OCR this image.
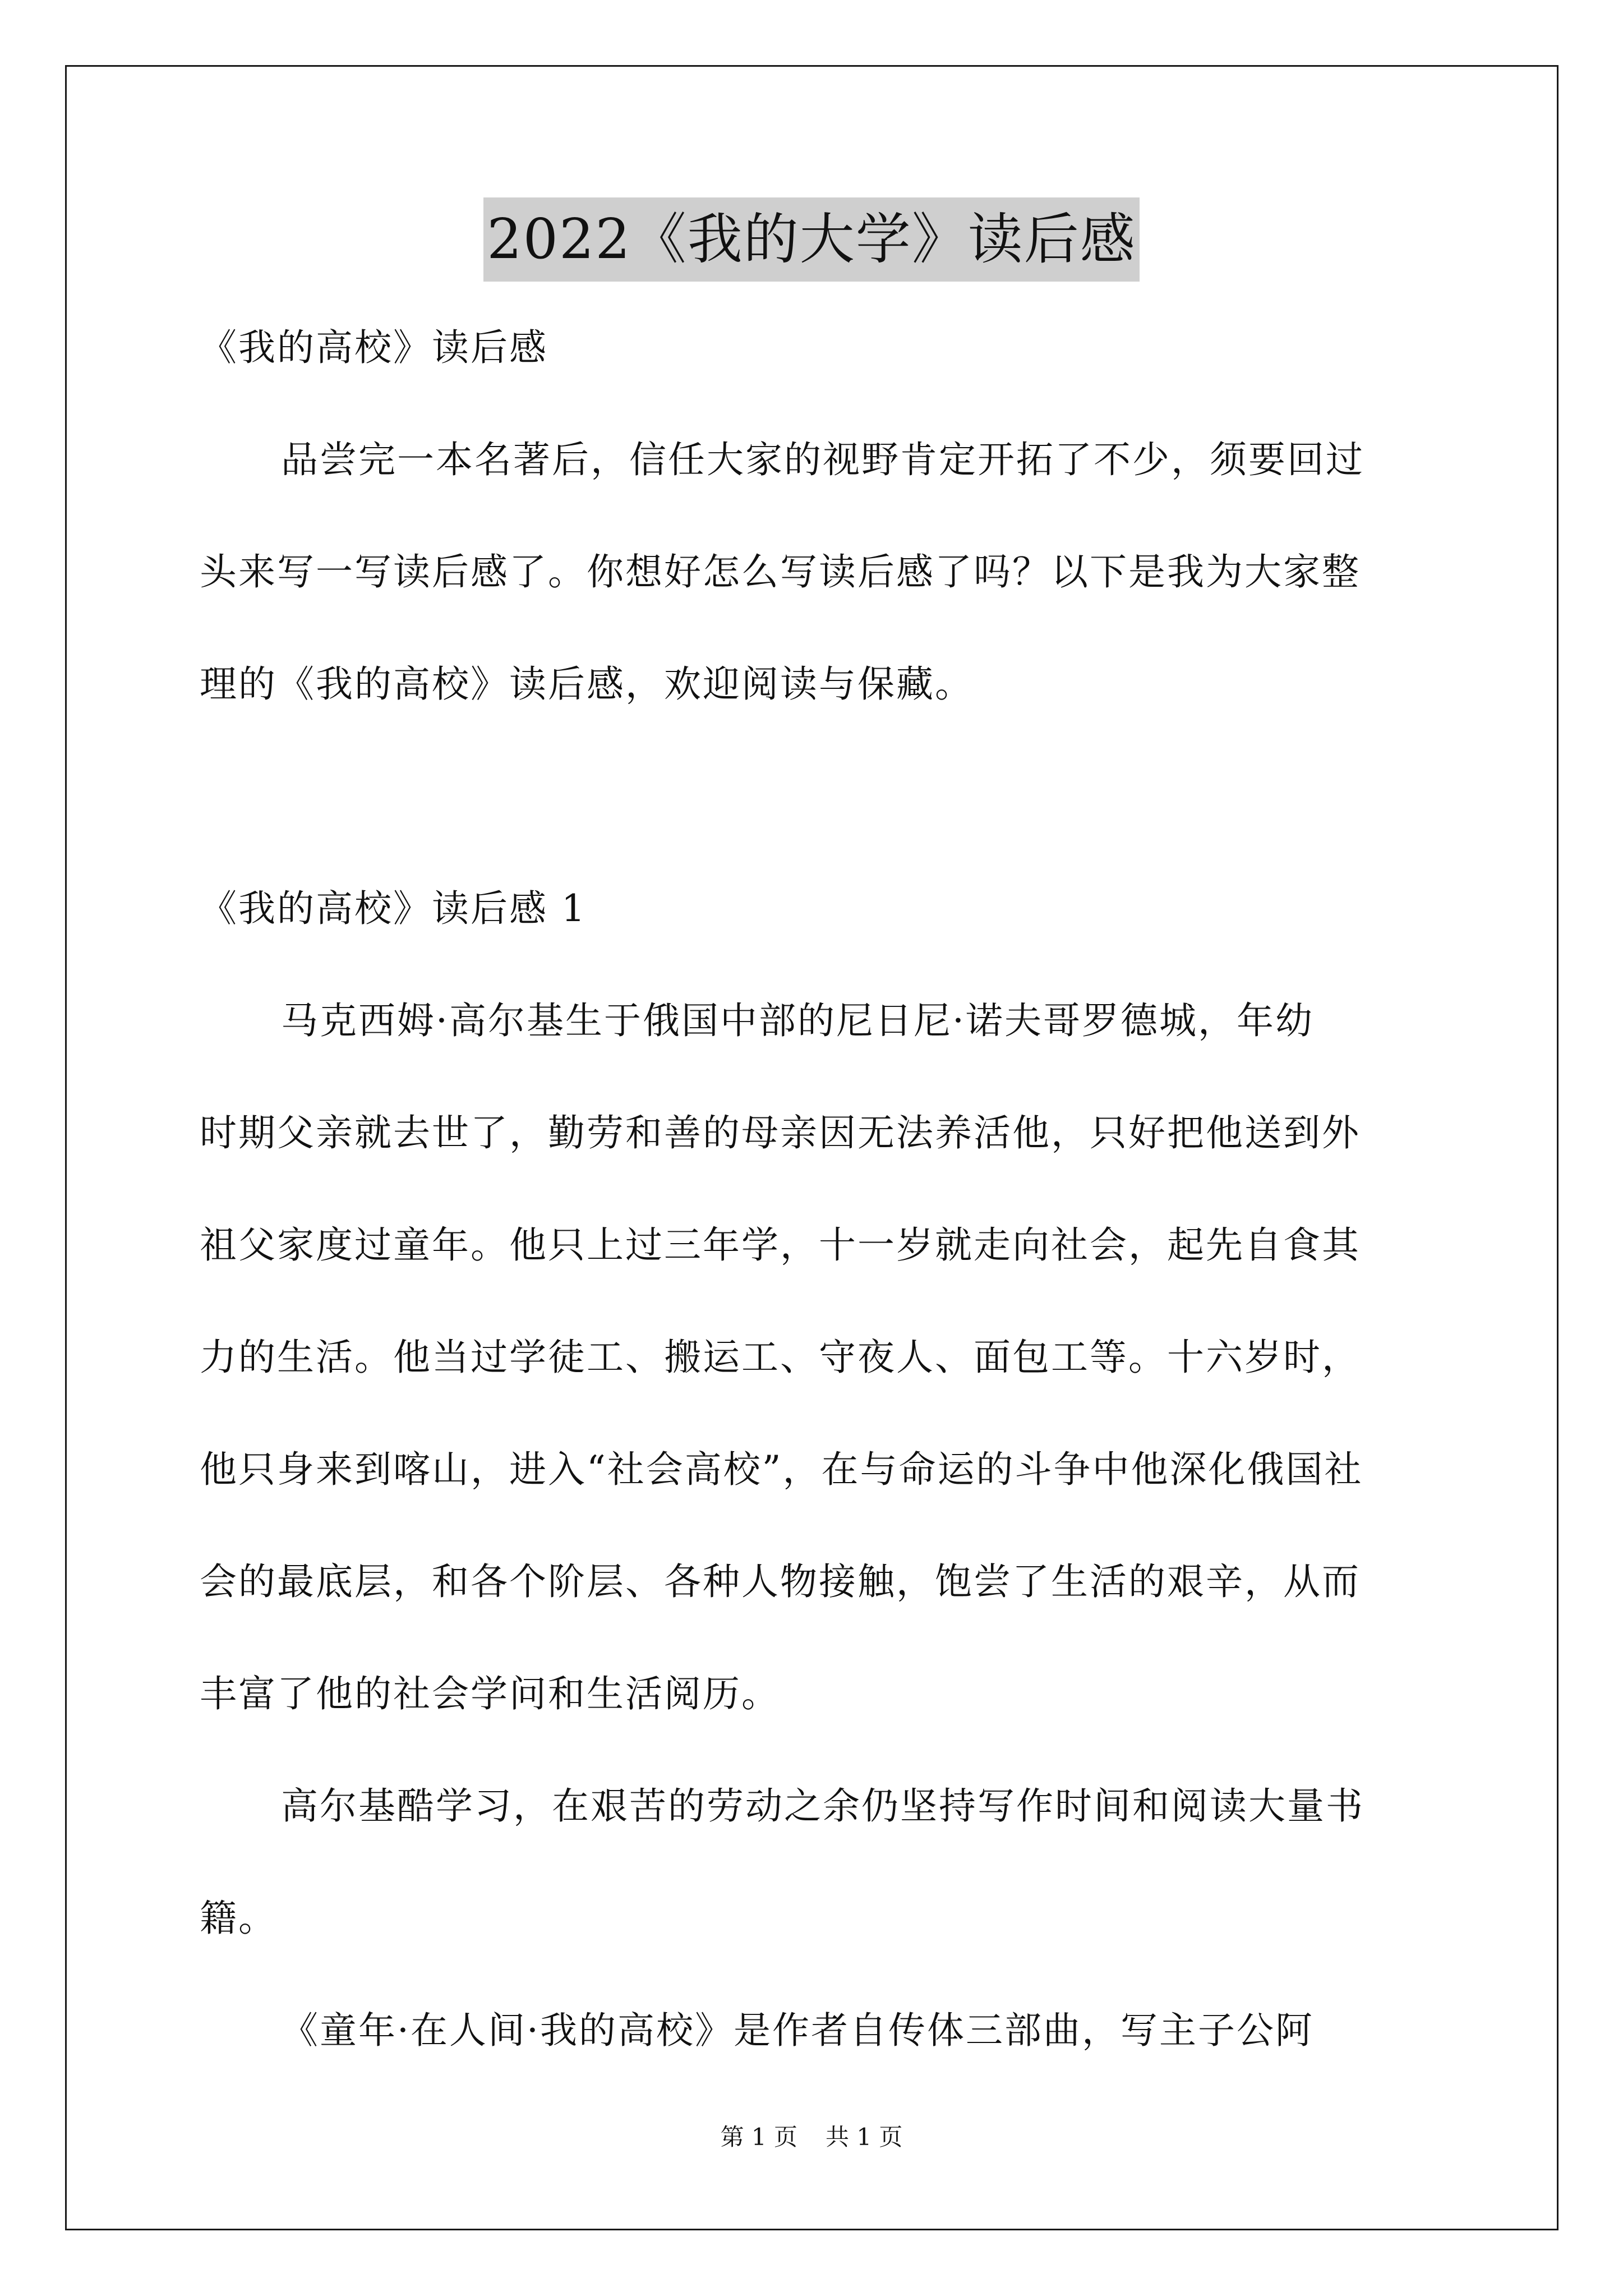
2022《我的大学》读后感
《我的高校》读后感
品尝完一本名著后，信任大家的视野肯定开拓了不少，须要回过
头来写一写读后感了。你想好怎么写读后感了吗？以下是我为大家整
理的《我的高校》读后感，欢迎阅读与保藏。
《我的高校》读后感 1
马克西姆·高尔基生于俄国中部的尼日尼·诺夫哥罗德城，年幼
时期父亲就去世了，勤劳和善的母亲因无法养活他，只好把他送到外
祖父家度过童年。他只上过三年学，十一岁就走向社会，起先自食其
力的生活。他当过学徒工、搬运工、守夜人、面包工等。十六岁时，
他只身来到喀山，进入“社会高校”，在与命运的斗争中他深化俄国社
会的最底层，和各个阶层、各种人物接触，饱尝了生活的艰辛，从而
丰富了他的社会学问和生活阅历。
高尔基酷学习，在艰苦的劳动之余仍坚持写作时间和阅读大量书
籍。
《童年·在人间·我的高校》是作者自传体三部曲，写主子公阿
第 1 页 共 1 页
